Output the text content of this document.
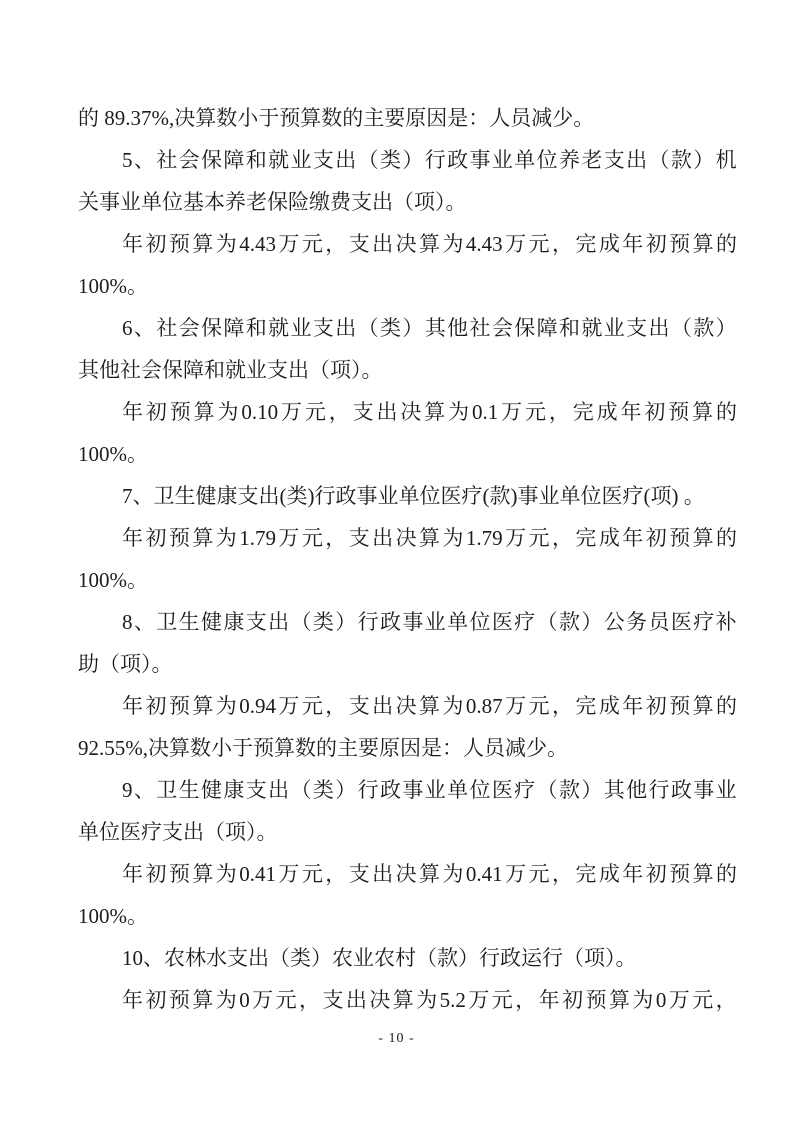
的 89.37%,决算数小于预算数的主要原因是：人员减少。
5 、 社 会 保 障 和 就 业 支 出 （ 类 ） 行 政 事 业 单 位 养 老 支 出 （ 款 ） 机
关事业单位基本养老保险缴费支出（项）。
年 初 预 算 为 4.43 万 元 ， 支 出 决 算 为 4.43 万 元 ， 完 成 年 初 预 算 的
100%。
6 、 社 会 保 障 和 就 业 支 出 （ 类 ） 其 他 社 会 保 障 和 就 业 支 出 （ 款 ）
其他社会保障和就业支出（项）。
年 初 预 算 为 0.10 万 元 ， 支 出 决 算 为 0.1 万 元 ， 完 成 年 初 预 算 的
100%。
7、卫生健康支出(类)行政事业单位医疗(款)事业单位医疗(项) 。
年 初 预 算 为 1.79 万 元 ， 支 出 决 算 为 1.79 万 元 ， 完 成 年 初 预 算 的
100%。
8 、 卫 生 健 康 支 出 （ 类 ） 行 政 事 业 单 位 医 疗 （ 款 ） 公 务 员 医 疗 补
助（项）。
年 初 预 算 为 0.94 万 元 ， 支 出 决 算 为 0.87 万 元 ， 完 成 年 初 预 算 的
92.55%,决算数小于预算数的主要原因是：人员减少。
9 、 卫 生 健 康 支 出 （ 类 ） 行 政 事 业 单 位 医 疗 （ 款 ） 其 他 行 政 事 业
单位医疗支出（项）。
年 初 预 算 为 0.41 万 元 ， 支 出 决 算 为 0.41 万 元 ， 完 成 年 初 预 算 的
100%。
10、农林水支出（类）农业农村（款）行政运行（项）。
年 初 预 算 为 0 万 元 ， 支 出 决 算 为 5.2 万 元 ， 年 初 预 算 为 0 万 元 ，
- 10 -
